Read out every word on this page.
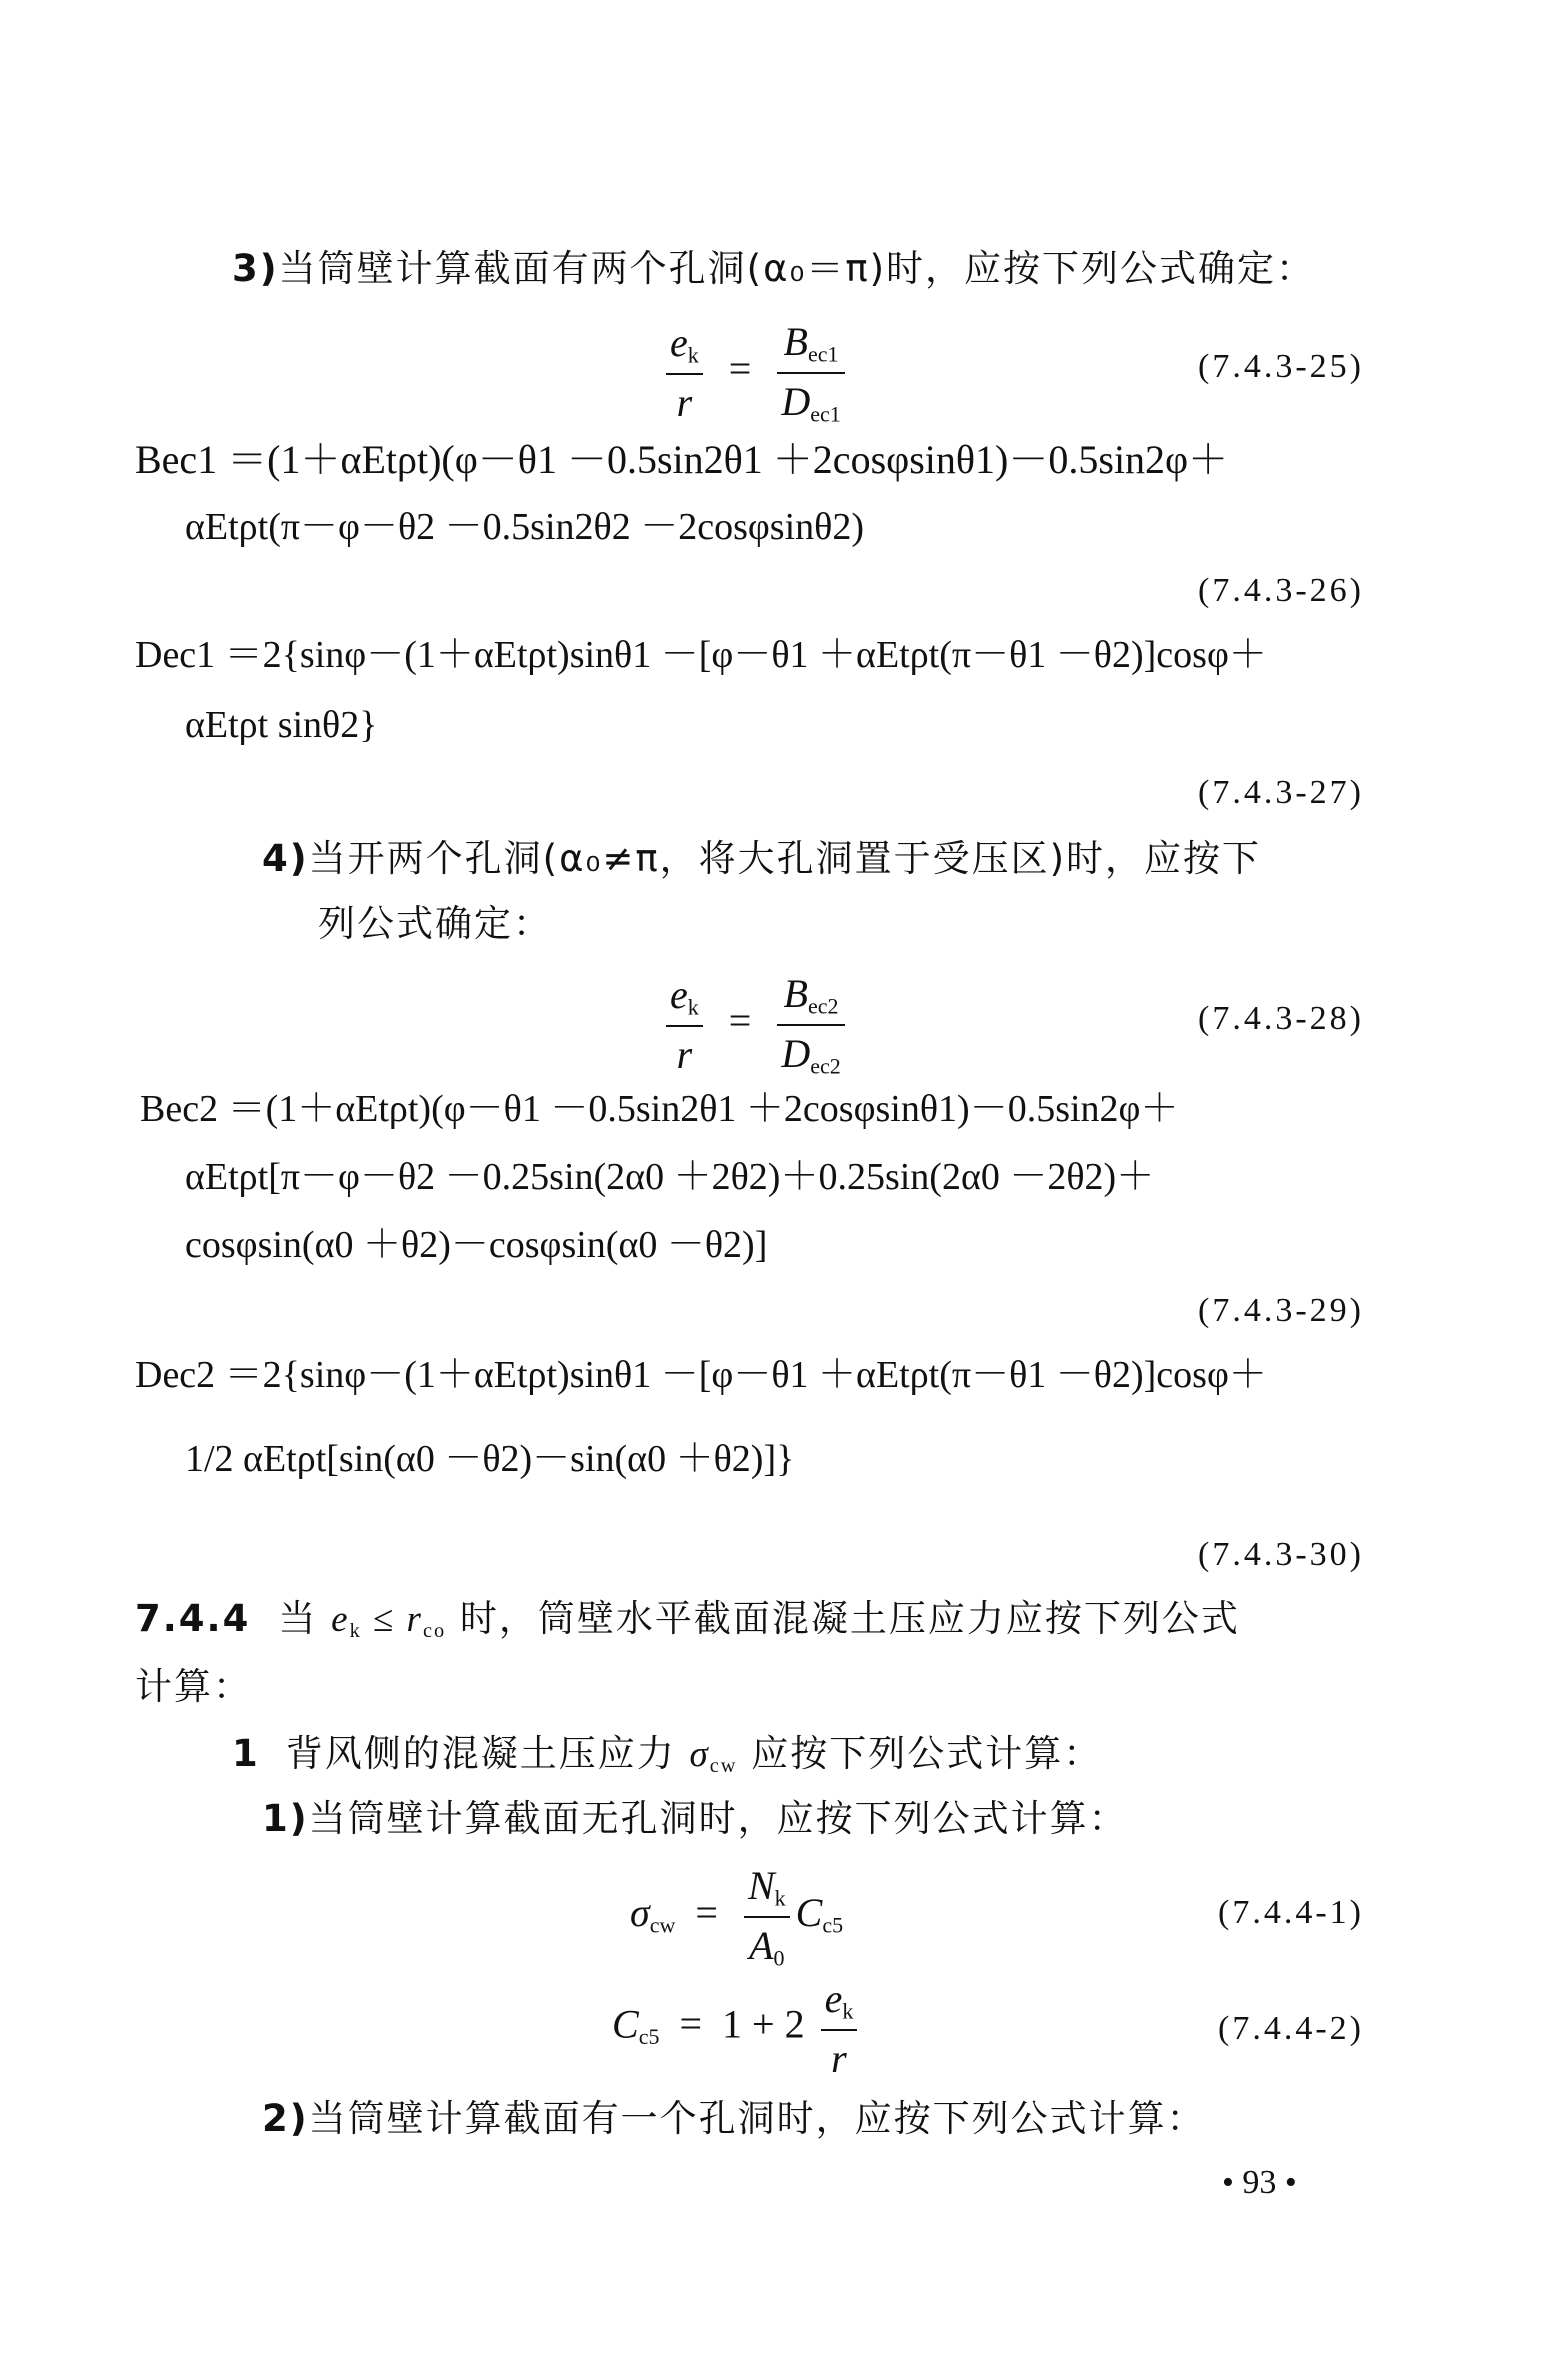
3)当筒壁计算截面有两个孔洞(α₀＝π)时，应按下列公式确定：
$\frac{e_k}{r} = \frac{B_{ec1}}{D_{ec1}}$	(7.4.3-25)
Bec1 ＝(1＋αEtρt)(φ－θ1 －0.5sin2θ1 ＋2cosφsinθ1)－0.5sin2φ＋
αEtρt(π－φ－θ2 －0.5sin2θ2 －2cosφsinθ2)
(7.4.3-26)
Dec1 ＝2{sinφ－(1＋αEtρt)sinθ1 －[φ－θ1 ＋αEtρt(π－θ1 －θ2)]cosφ＋
αEtρt sinθ2}
(7.4.3-27)
4)当开两个孔洞(α₀≠π，将大孔洞置于受压区)时，应按下
列公式确定：
$\frac{e_k}{r} = \frac{B_{ec2}}{D_{ec2}}$	(7.4.3-28)
Bec2 ＝(1＋αEtρt)(φ－θ1 －0.5sin2θ1 ＋2cosφsinθ1)－0.5sin2φ＋
αEtρt[π－φ－θ2 －0.25sin(2α0 ＋2θ2)＋0.25sin(2α0 －2θ2)＋
cosφsin(α0 ＋θ2)－cosφsin(α0 －θ2)]
(7.4.3-29)
Dec2 ＝2{sinφ－(1＋αEtρt)sinθ1 －[φ－θ1 ＋αEtρt(π－θ1 －θ2)]cosφ＋
1/2 αEtρt[sin(α0 －θ2)－sin(α0 ＋θ2)]}
(7.4.3-30)
7.4.4 当 $e_k \le r_{co}$ 时，筒壁水平截面混凝土压应力应按下列公式
计算：
1 背风侧的混凝土压应力 $\sigma_{cw}$ 应按下列公式计算：
1)当筒壁计算截面无孔洞时，应按下列公式计算：
$\sigma_{cw} = \frac{N_k}{A_0} C_{c5}$	(7.4.4-1)
$C_{c5} = 1 + 2 \frac{e_k}{r}$	(7.4.4-2)
2)当筒壁计算截面有一个孔洞时，应按下列公式计算：
• 93 •
